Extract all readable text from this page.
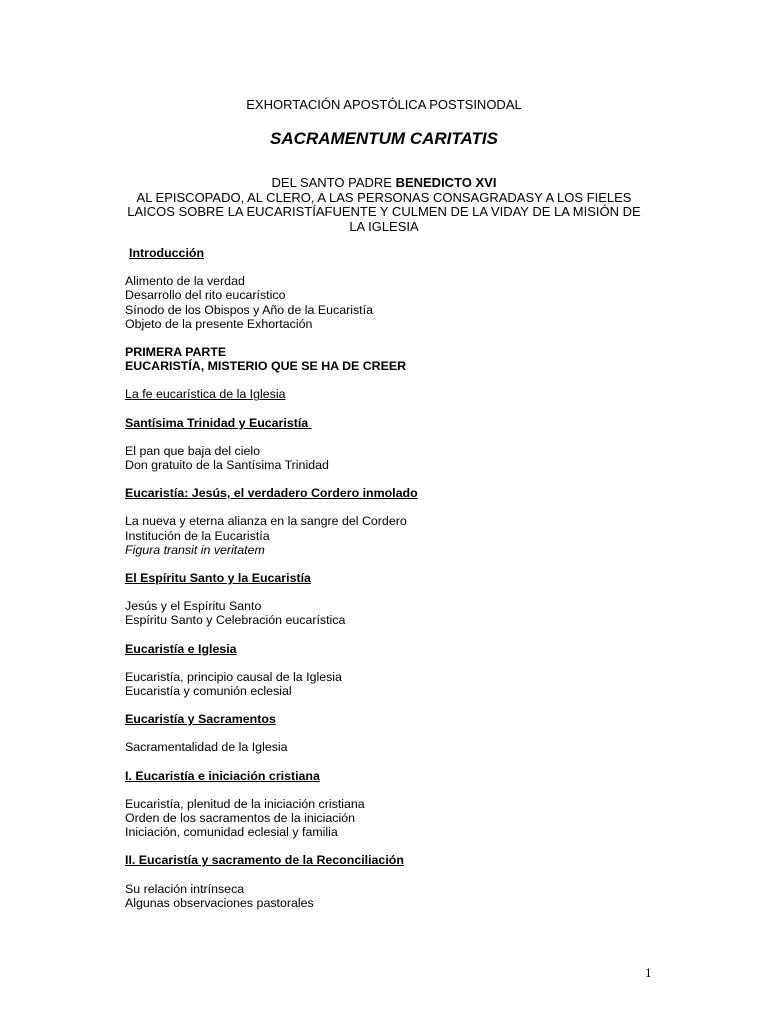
EXHORTACIÓN APOSTÓLICA POSTSINODAL
SACRAMENTUM CARITATIS
DEL SANTO PADRE BENEDICTO XVI
AL EPISCOPADO, AL CLERO, A LAS PERSONAS CONSAGRADASY A LOS FIELES LAICOS SOBRE LA EUCARISTÍAFUENTE Y CULMEN DE LA VIDAY DE LA MISIÓN DE LA IGLESIA
Introducción
Alimento de la verdad
Desarrollo del rito eucarístico
Sínodo de los Obispos y Año de la Eucaristía
Objeto de la presente Exhortación
PRIMERA PARTE
EUCARISTÍA, MISTERIO QUE SE HA DE CREER
La fe eucarística de la Iglesia
Santísima Trinidad y Eucaristía
El pan que baja del cielo
Don gratuito de la Santísima Trinidad
Eucaristía: Jesús, el verdadero Cordero inmolado
La nueva y eterna alianza en la sangre del Cordero
Institución de la Eucaristía
Figura transit in veritatem
El Espíritu Santo y la Eucaristía
Jesús y el Espíritu Santo
Espíritu Santo y Celebración eucarística
Eucaristía e Iglesia
Eucaristía, principio causal de la Iglesia
Eucaristía y comunión eclesial
Eucaristía y Sacramentos
Sacramentalidad de la Iglesia
I. Eucaristía e iniciación cristiana
Eucaristía, plenitud de la iniciación cristiana
Orden de los sacramentos de la iniciación
Iniciación, comunidad eclesial y familia
II. Eucaristía y sacramento de la Reconciliación
Su relación intrínseca
Algunas observaciones pastorales
1
